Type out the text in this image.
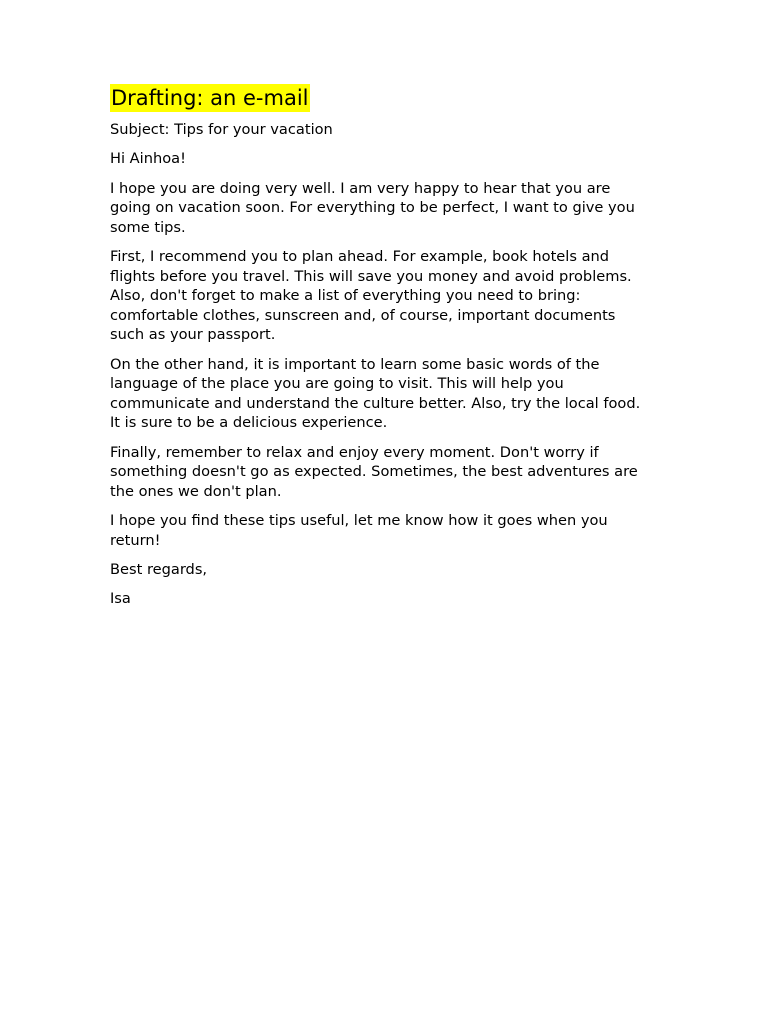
Drafting: an e-mail

Subject: Tips for your vacation

Hi Ainhoa!

I hope you are doing very well. I am very happy to hear that you are going on vacation soon. For everything to be perfect, I want to give you some tips.

First, I recommend you to plan ahead. For example, book hotels and flights before you travel. This will save you money and avoid problems. Also, don't forget to make a list of everything you need to bring: comfortable clothes, sunscreen and, of course, important documents such as your passport.

On the other hand, it is important to learn some basic words of the language of the place you are going to visit. This will help you communicate and understand the culture better. Also, try the local food. It is sure to be a delicious experience.

Finally, remember to relax and enjoy every moment. Don't worry if something doesn't go as expected. Sometimes, the best adventures are the ones we don't plan.

I hope you find these tips useful, let me know how it goes when you return!

Best regards,

Isa
